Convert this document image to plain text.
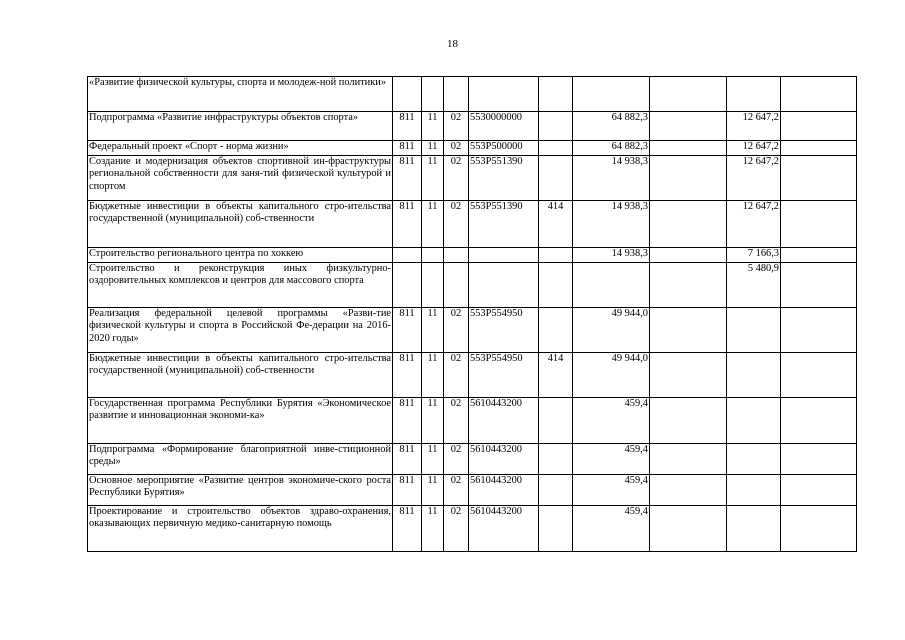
18
«Развитие физической культуры, спорта и молодеж-ной политики»									
Подпрограмма «Развитие инфраструктуры объектов спорта»	811	11	02	5530000000		64 882,3		12 647,2	
Федеральный проект «Спорт - норма жизни»	811	11	02	553P500000		64 882,3		12 647,2	
Создание и модернизация объектов спортивной ин-фраструктуры региональной собственности для заня-тий физической культурой и спортом	811	11	02	553P551390		14 938,3		12 647,2	
Бюджетные инвестиции в объекты капитального стро-ительства государственной (муниципальной) соб-ственности	811	11	02	553P551390	414	14 938,3		12 647,2	
Строительство регионального центра по хоккею						14 938,3		7 166,3	
Строительство и реконструкция иных физкультурно-оздоровительных комплексов и центров для массового спорта								5 480,9	
Реализация федеральной целевой программы «Разви-тие физической культуры и спорта в Российской Фе-дерации на 2016-2020 годы»	811	11	02	553P554950		49 944,0			
Бюджетные инвестиции в объекты капитального стро-ительства государственной (муниципальной) соб-ственности	811	11	02	553P554950	414	49 944,0			
Государственная программа Республики Бурятия «Экономическое развитие и инновационная экономи-ка»	811	11	02	5610443200		459,4			
Подпрограмма «Формирование благоприятной инве-стиционной среды»	811	11	02	5610443200		459,4			
Основное мероприятие «Развитие центров экономиче-ского роста Республики Бурятия»	811	11	02	5610443200		459,4			
Проектирование и строительство объектов здраво-охранения, оказывающих первичную медико-санитарную помощь	811	11	02	5610443200		459,4			
